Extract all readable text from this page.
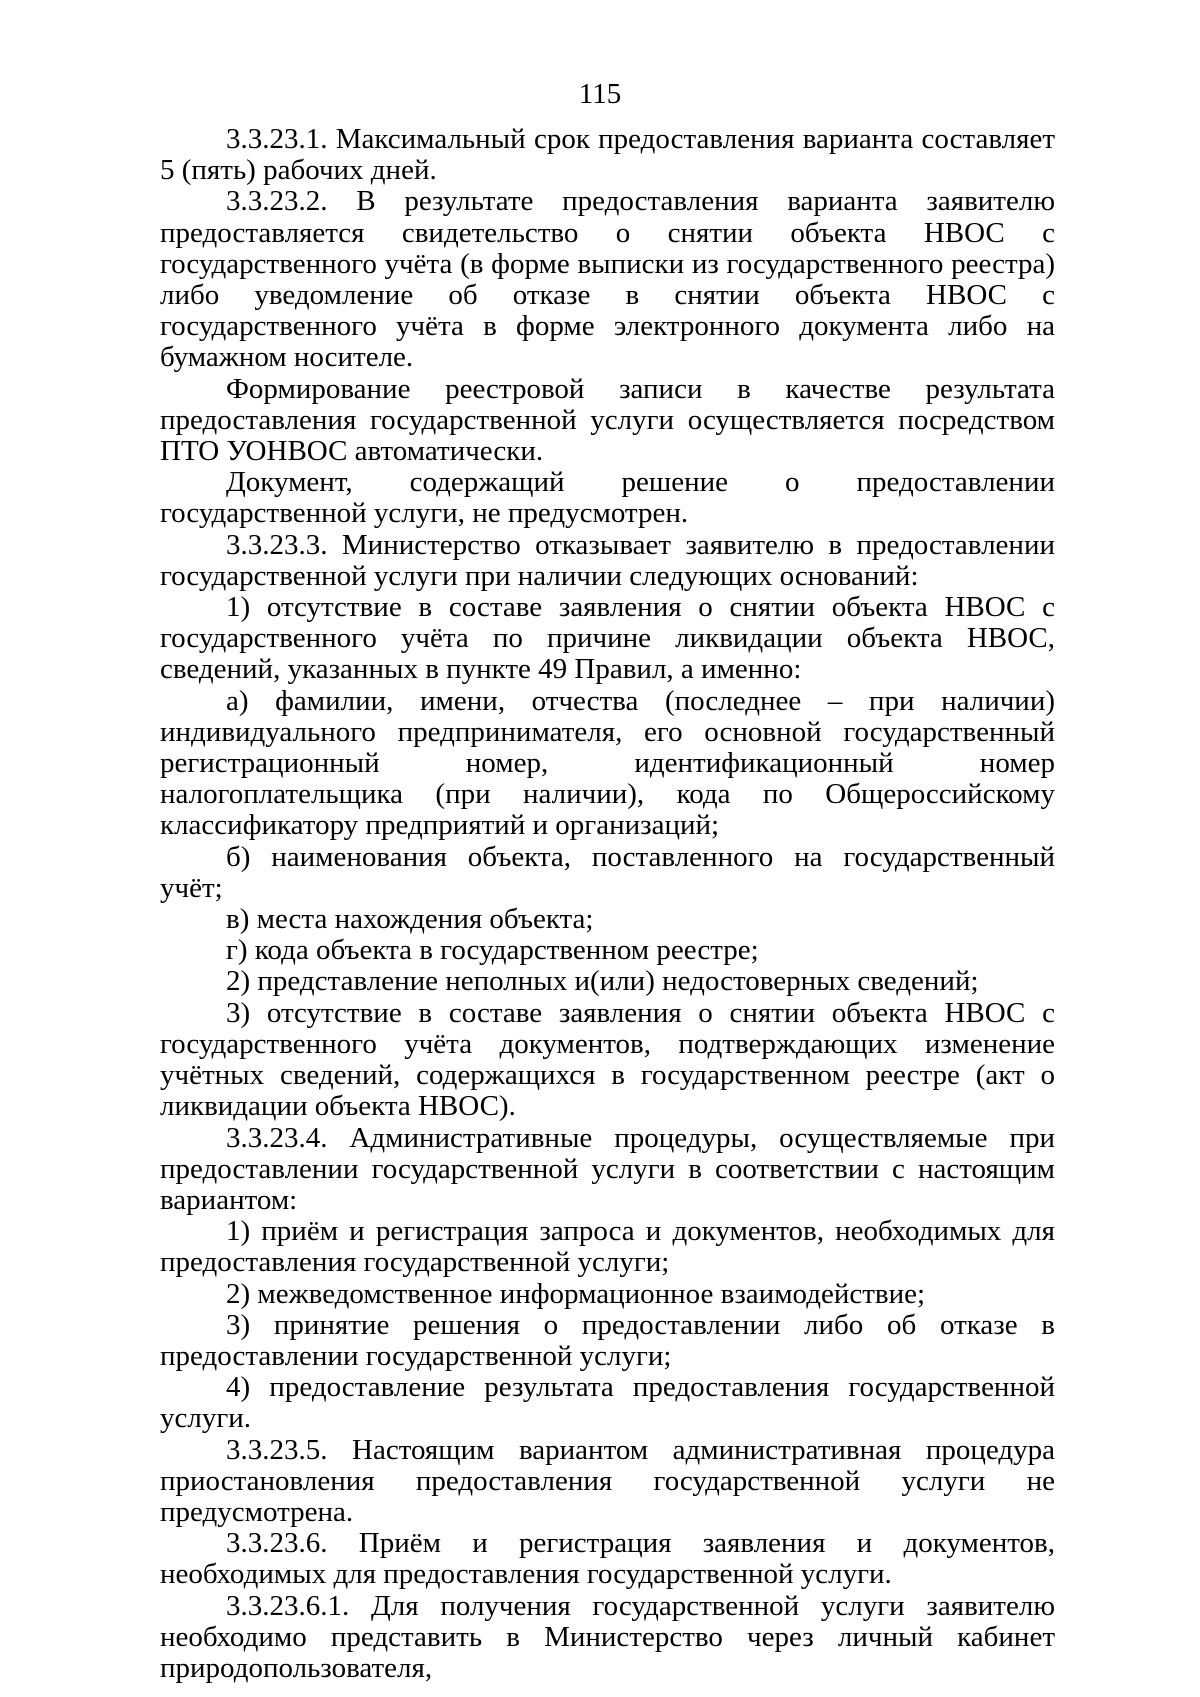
115

3.3.23.1. Максимальный срок предоставления варианта составляет 5 (пять) рабочих дней.

3.3.23.2. В результате предоставления варианта заявителю предоставляется свидетельство о снятии объекта НВОС с государственного учёта (в форме выписки из государственного реестра) либо уведомление об отказе в снятии объекта НВОС с государственного учёта в форме электронного документа либо на бумажном носителе.

Формирование реестровой записи в качестве результата предоставления государственной услуги осуществляется посредством ПТО УОНВОС автоматически.

Документ, содержащий решение о предоставлении государственной услуги, не предусмотрен.

3.3.23.3. Министерство отказывает заявителю в предоставлении государственной услуги при наличии следующих оснований:

1) отсутствие в составе заявления о снятии объекта НВОС с государственного учёта по причине ликвидации объекта НВОС, сведений, указанных в пункте 49 Правил, а именно:

а) фамилии, имени, отчества (последнее – при наличии) индивидуального предпринимателя, его основной государственный регистрационный номер, идентификационный номер налогоплательщика (при наличии), кода по Общероссийскому классификатору предприятий и организаций;

б) наименования объекта, поставленного на государственный учёт;

в) места нахождения объекта;

г) кода объекта в государственном реестре;

2) представление неполных и(или) недостоверных сведений;

3) отсутствие в составе заявления о снятии объекта НВОС с государственного учёта документов, подтверждающих изменение учётных сведений, содержащихся в государственном реестре (акт о ликвидации объекта НВОС).

3.3.23.4. Административные процедуры, осуществляемые при предоставлении государственной услуги в соответствии с настоящим вариантом:

1) приём и регистрация запроса и документов, необходимых для предоставления государственной услуги;

2) межведомственное информационное взаимодействие;

3) принятие решения о предоставлении либо об отказе в предоставлении государственной услуги;

4) предоставление результата предоставления государственной услуги.

3.3.23.5. Настоящим вариантом административная процедура приостановления предоставления государственной услуги не предусмотрена.

3.3.23.6. Приём и регистрация заявления и документов, необходимых для предоставления государственной услуги.

3.3.23.6.1. Для получения государственной услуги заявителю необходимо представить в Министерство через личный кабинет природопользователя,
